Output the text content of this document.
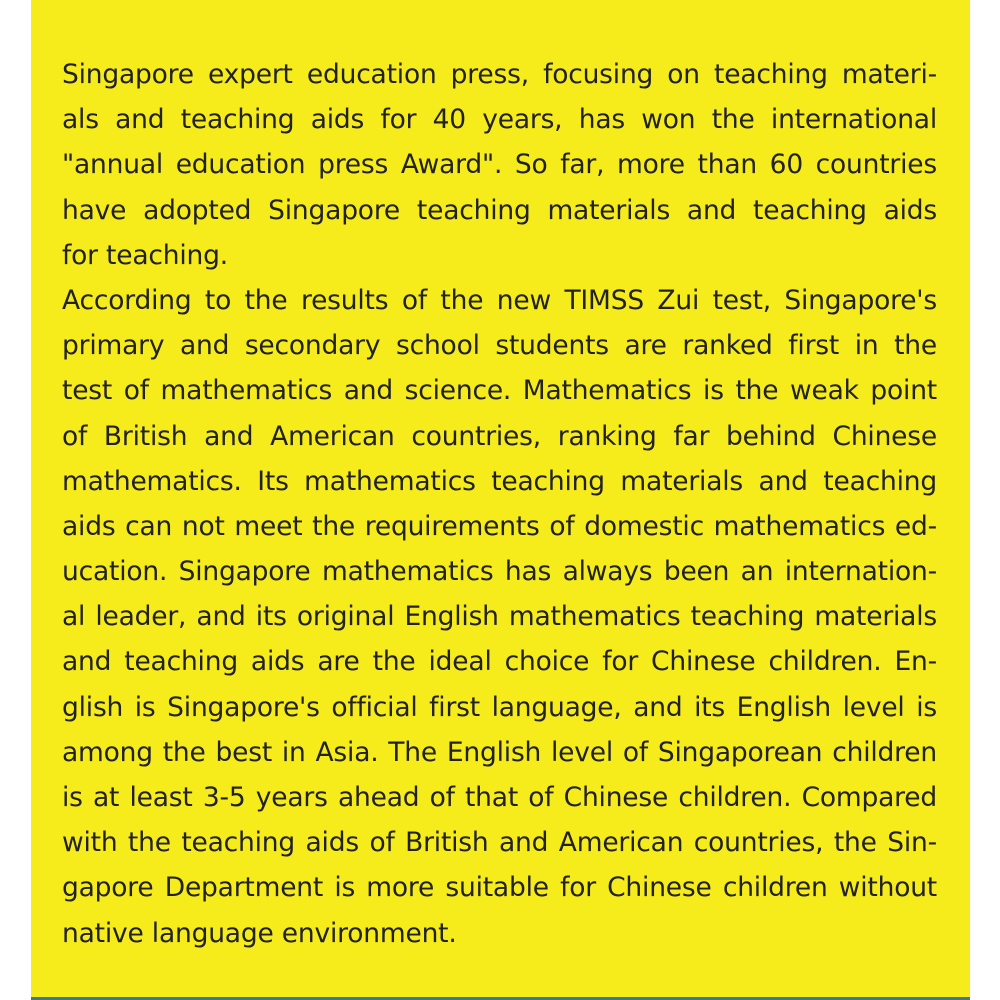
Singapore expert education press, focusing on teaching materi-
als and teaching aids for 40 years, has won the international
"annual education press Award". So far, more than 60 countries
have adopted Singapore teaching materials and teaching aids
for teaching.
According to the results of the new TIMSS Zui test, Singapore's
primary and secondary school students are ranked first in the
test of mathematics and science. Mathematics is the weak point
of British and American countries, ranking far behind Chinese
mathematics. Its mathematics teaching materials and teaching
aids can not meet the requirements of domestic mathematics ed-
ucation. Singapore mathematics has always been an internation-
al leader, and its original English mathematics teaching materials
and teaching aids are the ideal choice for Chinese children. En-
glish is Singapore's official first language, and its English level is
among the best in Asia. The English level of Singaporean children
is at least 3-5 years ahead of that of Chinese children. Compared
with the teaching aids of British and American countries, the Sin-
gapore Department is more suitable for Chinese children without
native language environment.
